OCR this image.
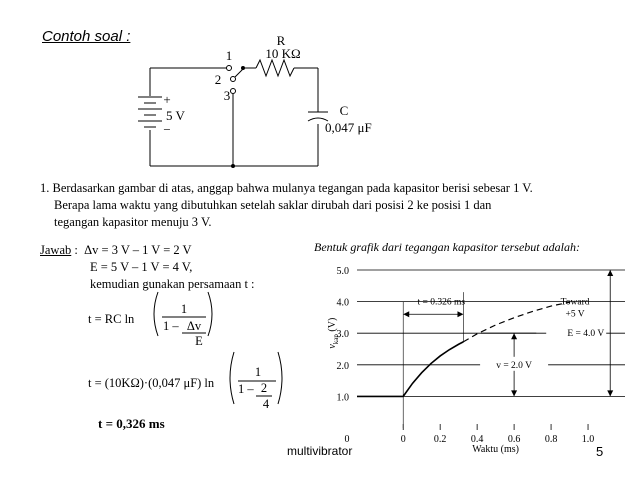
Contoh soal :	R
10 KΩ
1
2
3
+
−
5 V	C
0,047 μF
1
1 – Δv
E
1
1 – 2
4	1.0
2.0
3.0
4.0
5.0
0	0.2 0.4 0.6 0.8 1.0
0
Waktu (ms)
$v_{kap}$ (V)
t = 0.326 ms
v = 2.0 V
E = 4.0 V
Toward
+5 V
1. Berdasarkan gambar di atas, anggap bahwa mulanya tegangan pada kapasitor berisi sebesar 1 V.
Berapa lama waktu yang dibutuhkan setelah saklar dirubah dari posisi 2 ke posisi 1 dan
tegangan kapasitor menuju 3 V.
Jawab : Δv = 3 V – 1 V = 2 V
E = 5 V – 1 V = 4 V,
kemudian gunakan persamaan t :
t = RC ln
t = (10KΩ)·(0,047 μF) ln
t = 0,326 ms
Bentuk grafik dari tegangan kapasitor tersebut adalah:
multivibrator	5
